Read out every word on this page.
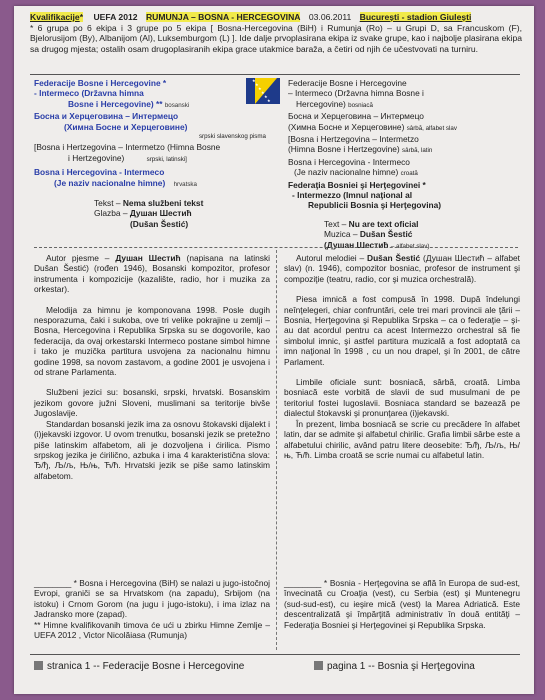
Kvalifikacije* UEFA 2012 RUMUNJA – BOSNA - HERCEGOVINA 03.06.2011 București - stadion Giulești
* 6 grupa po 6 ekipa i 3 grupe po 5 ekipa [ Bosna-Hercegovina (BiH) i Rumunja (Ro) – u Grupi D, sa Francuskom (F), Bjelorusijom (By), Albanijom (Al), Luksemburgom (L) ]. Ide dalje prvoplasirana ekipa iz svake grupe, kao i najbolje plasirana ekipa sa drugog mjesta; ostalih osam drugoplasiranih ekipa grace utakmice baraža, a četiri od njih će učestvovati na turniru.

★
★
★
★
★
★

Federacije Bosne i Hercegovine *

- Intermeco (Državna himna

Bosne i Hercegovine) ** bosanski

Босна и Херцеговина – Интермецо

(Химна Босне и Херцеговине)

srpski slavenskog pisma

[Bosna i Hertzegovina – Intermetzo (Himna Bosne

i Hertzegovine)	srpski, latinski]

Bosna i Hercegovina - Intermeco

(Je naziv nacionalne himne) hrvatska

Tekst – Nema službeni tekst

Glazba – Душан Шестић

(Dušan Šestić)

Federacije Bosne i Hercegovine

– Intermeco (Državna himna Bosne i

Hercegovine) bosniacă

Босна и Херцеговина – Интермецо

(Химна Босне и Херцеговине) sârbă, alfabet slav

[Bosna i Hertzegovina – Intermetzo

(Himna Bosne i Hertzegovine) sârbă, latin

Bosna i Hercegovina - Intermeco

(Je naziv nacionalne himne) croată

Federaţia Bosniei şi Herţegovinei *

- Intermezzo (Imnul naţional al

Republicii Bosnia şi Herţegovina)

Text – Nu are text oficial

Muzica – Dušan Šestić

(Душан Шестић – alfabet slav)

Autor pjesme – Душан Шестић (napisana na latinski Dušan Šestić) (rođen 1946), Bosanski kompozitor, profesor instrumenta i kompozicije (kazalište, radio, hor i muzika za orkestar).

Melodija za himnu je komponovana 1998. Posle dugih nesporazuma, čaki i sukoba, ove tri velike pokrajine u zemlji – Bosna, Hercegovina i Republika Srpska su se dogovorile, kao federacija, da ovaj orkestarski Intermeco postane simbol himne i tako je muzička partitura usvojena za nacionalnu himnu godine 1998, sa novom zastavom, a godine 2001 je usvojena i od strane Parlamenta.

Službeni jezici su: bosanski, srpski, hrvatski. Bosanskim jezikom govore južni Sloveni, muslimani sa teritorije bivše Jugoslavije.

Standardan bosanski jezik ima za osnovu štokavski dijalekt i (i)jekavski izgovor. U ovom trenutku, bosanski jezik se pretežno piše latinskim alfabetom, ali je dozvoljena i ćirilica. Pismo srpskog jezika je ćirilično, azbuka i ima 4 karakteristična slova: Ђ/ђ, Љ/љ, Њ/њ, Ћ/ћ. Hrvatski jezik se piše samo latinskim alfabetom.

Autorul melodiei – Dušan Šestić (Душан Шестић – alfabet slav) (n. 1946), compozitor bosniac, profesor de instrument şi compoziţie (teatru, radio, cor şi muzica orchestrală).

Piesa imnică a fost compusă în 1998. După îndelungi neînţelegeri, chiar confruntări, cele trei mari provincii ale ţării – Bosnia, Herţegovina şi Republika Srpska – ca o federaţie – şi-au dat acordul pentru ca acest Intermezzo orchestral să fie simbolul imnic, şi astfel partitura muzicală a fost adoptată ca imn naţional în 1998 , cu un nou drapel, şi în 2001, de către Parlament.

Limbile oficiale sunt: bosniacă, sârbă, croată. Limba bosniacă este vorbită de slavii de sud musulmani de pe teritoriul fostei Iugoslavii. Bosniaca standard se bazează pe dialectul štokavski şi pronunţarea (i)jekavski.

În prezent, limba bosniacă se scrie cu precădere în alfabet latin, dar se admite şi alfabetul chirilic. Grafia limbii sârbe este a alfabetului chirilic, având patru litere deosebite: Ђ/ђ, Љ/љ, Њ/њ, Ћ/ћ. Limba croată se scrie numai cu alfabetul latin.

________ * Bosna i Hercegovina (BiH) se nalazi u jugo-istočnoj Evropi, graniči se sa Hrvatskom (na zapadu), Srbijom (na istoku) i Crnom Gorom (na jugu i jugo-istoku), i ima izlaz na Jadransko more (zapad).

** Himne kvalifikovanih timova će ući u zbirku Himne Zemlje – UEFA 2012 , Victor Nicolăiasa (Rumunja)

________ * Bosnia - Herţegovina se află în Europa de sud-est, învecinată cu Croaţia (vest), cu Serbia (est) şi Muntenegru (sud-sud-est), cu ieşire mică (vest) la Marea Adriatică. Este descentralizată şi împărţită administrativ în două entităţi – Federaţia Bosniei şi Herţegovinei şi Republika Srpska.

stranica 1 -- Federacije Bosne i Hercegovine	pagina 1 -- Bosnia şi Herţegovina
